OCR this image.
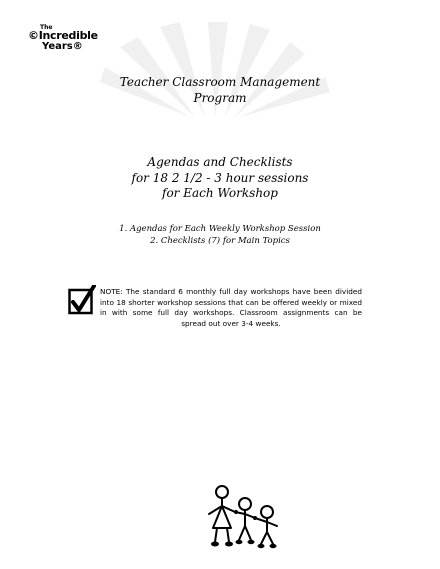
The
©Incredible
Years®
Teacher Classroom Management
Program
Agendas and Checklists
for 18 2 1/2 - 3 hour sessions
for Each Workshop
1. Agendas for Each Weekly Workshop Session
2. Checklists (7) for Main Topics
NOTE: The standard 6 monthly full day workshops have been divided into 18 shorter workshop sessions that can be offered weekly or mixed in with some full day workshops. Classroom assignments can be spread out over 3-4 weeks.
